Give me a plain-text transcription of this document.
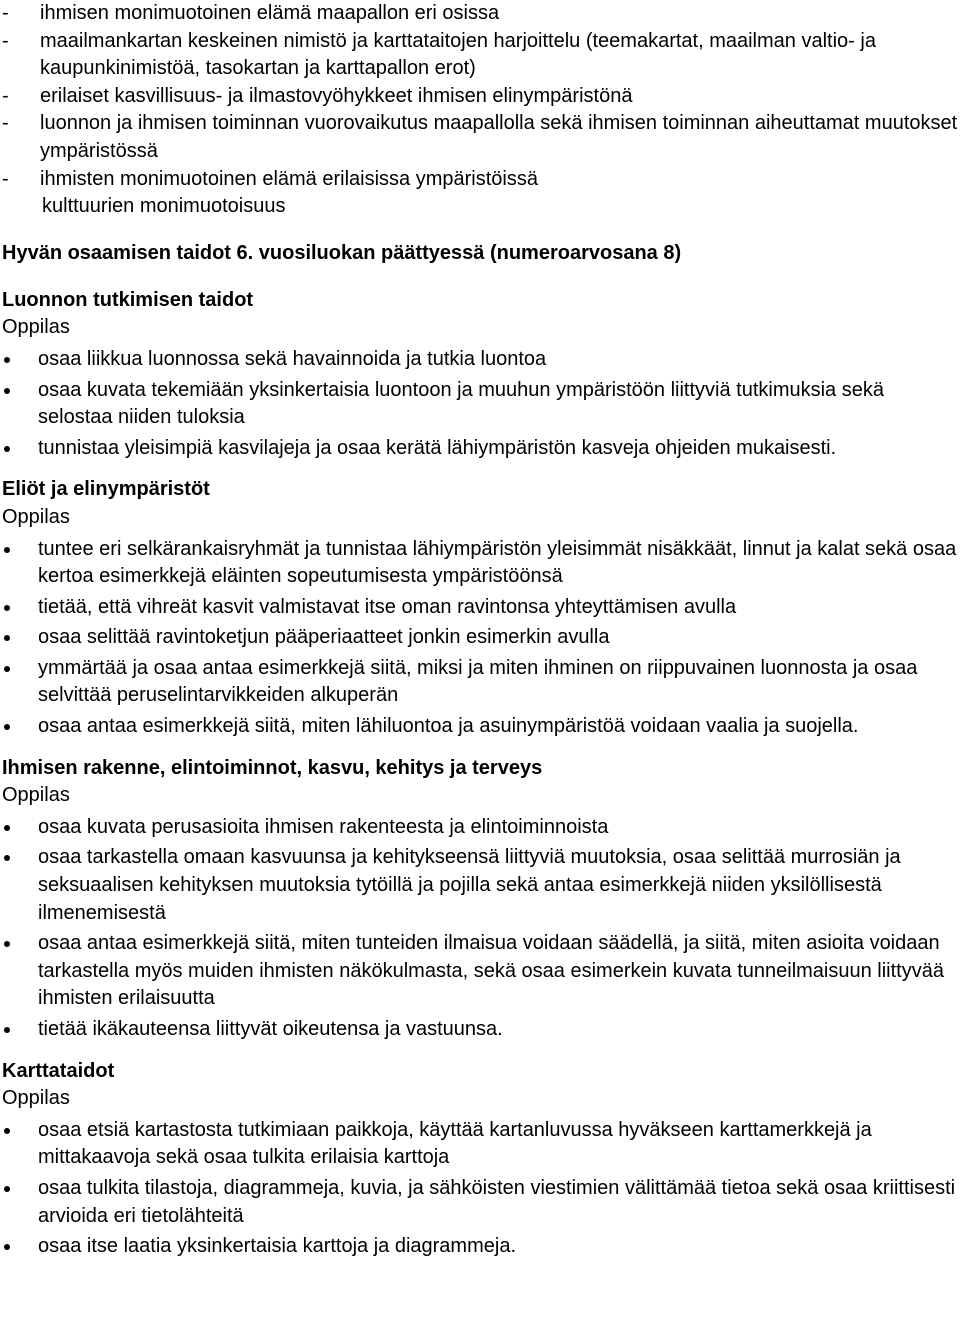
- ihmisen monimuotoinen elämä maapallon eri osissa
- maailmankartan keskeinen nimistö ja karttataitojen harjoittelu (teemakartat, maailman valtio- ja kaupunkinimistöä, tasokartan ja karttapallon erot)
- erilaiset kasvillisuus- ja ilmastovyöhykkeet ihmisen elinympäristönä
- luonnon ja ihmisen toiminnan vuorovaikutus maapallolla sekä ihmisen toiminnan aiheuttamat muutokset ympäristössä
- ihmisten monimuotoinen elämä erilaisissa ympäristöissä
kulttuurien monimuotoisuus
Hyvän osaamisen taidot 6. vuosiluokan päättyessä (numeroarvosana 8)
Luonnon tutkimisen taidot
Oppilas
osaa liikkua luonnossa sekä havainnoida ja tutkia luontoa
osaa kuvata tekemiään yksinkertaisia luontoon ja muuhun ympäristöön liittyviä tutkimuksia sekä selostaa niiden tuloksia
tunnistaa yleisimpiä kasvilajeja ja osaa kerätä lähiympäristön kasveja ohjeiden mukaisesti.
Eliöt ja elinympäristöt
Oppilas
tuntee eri selkärankaisryhmät ja tunnistaa lähiympäristön yleisimmät nisäkkäät, linnut ja kalat sekä osaa kertoa esimerkkejä eläinten sopeutumisesta ympäristöönsä
tietää, että vihreät kasvit valmistavat itse oman ravintonsa yhteyttämisen avulla
osaa selittää ravintoketjun pääperiaatteet jonkin esimerkin avulla
ymmärtää ja osaa antaa esimerkkejä siitä, miksi ja miten ihminen on riippuvainen luonnosta ja osaa selvittää peruselintarvikkeiden alkuperän
osaa antaa esimerkkejä siitä, miten lähiluontoa ja asuinympäristöä voidaan vaalia ja suojella.
Ihmisen rakenne, elintoiminnot, kasvu, kehitys ja terveys
Oppilas
osaa kuvata perusasioita ihmisen rakenteesta ja elintoiminnoista
osaa tarkastella omaan kasvuunsa ja kehitykseensä liittyviä muutoksia, osaa selittää murrosiän ja seksuaalisen kehityksen muutoksia tytöillä ja pojilla sekä antaa esimerkkejä niiden yksilöllisestä ilmenemisestä
osaa antaa esimerkkejä siitä, miten tunteiden ilmaisua voidaan säädellä, ja siitä, miten asioita voidaan tarkastella myös muiden ihmisten näkökulmasta, sekä osaa esimerkein kuvata tunneilmaisuun liittyvää ihmisten erilaisuutta
tietää ikäkauteensa liittyvät oikeutensa ja vastuunsa.
Karttataidot
Oppilas
osaa etsiä kartastosta tutkimiaan paikkoja, käyttää kartanluvussa hyväkseen karttamerkkejä ja mittakaavoja sekä osaa tulkita erilaisia karttoja
osaa tulkita tilastoja, diagrammeja, kuvia, ja sähköisten viestimien välittämää tietoa sekä osaa kriittisesti arvioida eri tietolähteitä
osaa itse laatia yksinkertaisia karttoja ja diagrammeja.
